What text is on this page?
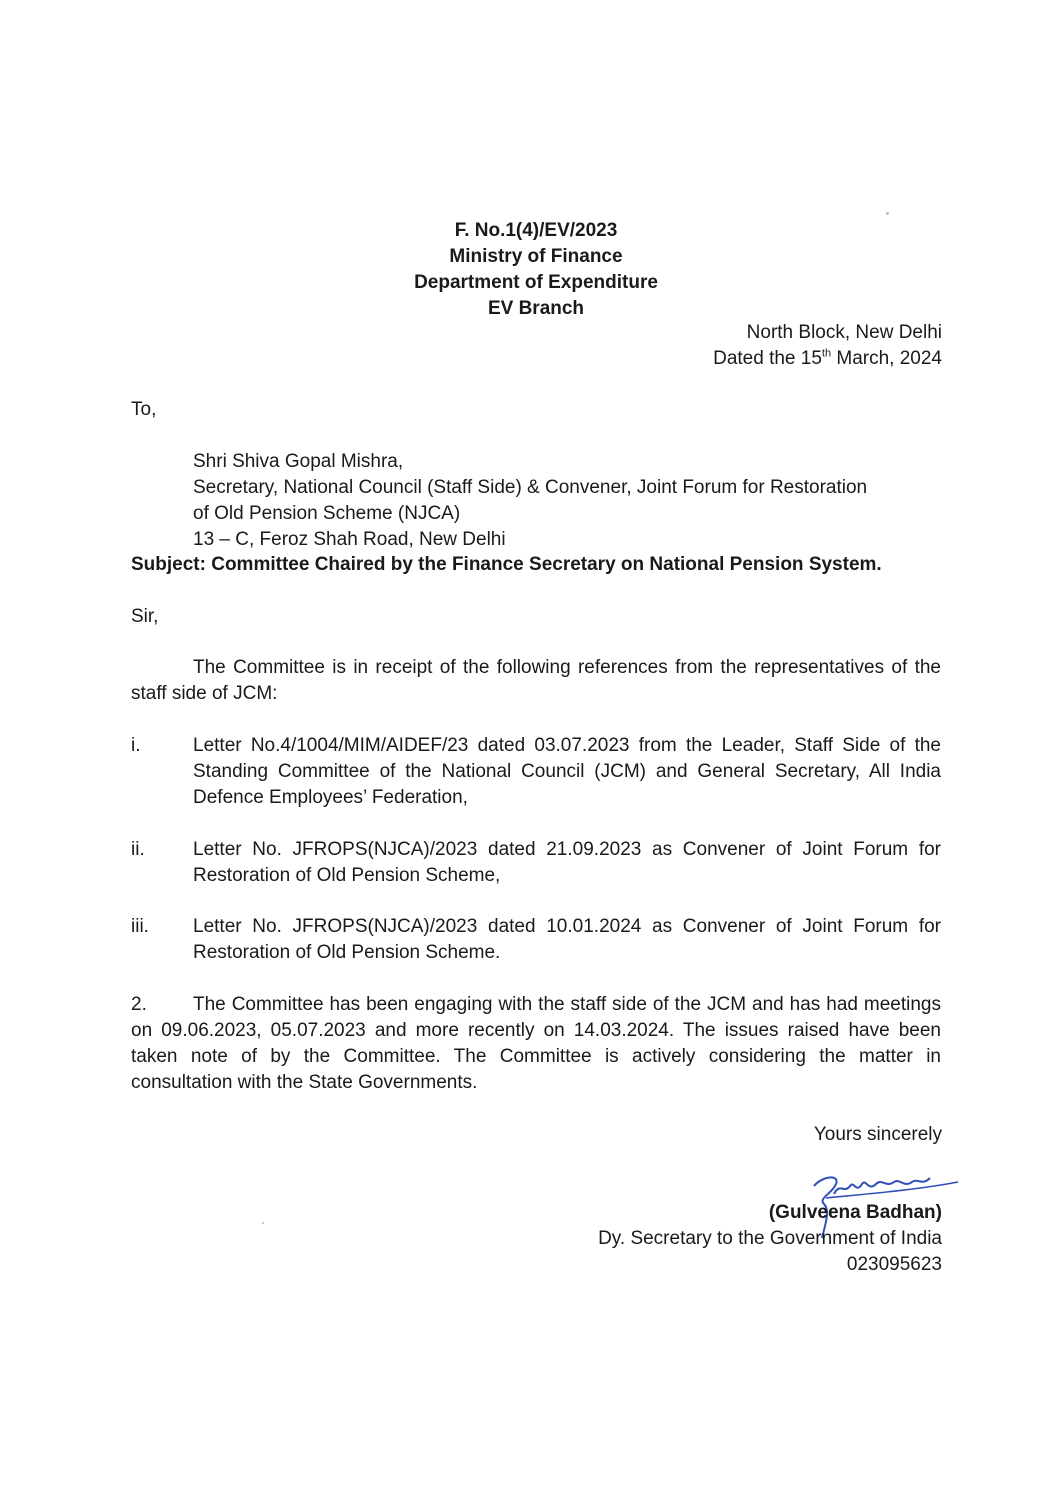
F. No.1(4)/EV/2023
Ministry of Finance
Department of Expenditure
EV Branch
North Block, New Delhi
Dated the 15th March, 2024
To,
Shri Shiva Gopal Mishra,
Secretary, National Council (Staff Side) & Convener, Joint Forum for Restoration
of Old Pension Scheme (NJCA)
13 – C, Feroz Shah Road, New Delhi
Subject: Committee Chaired by the Finance Secretary on National Pension System.
Sir,
The Committee is in receipt of the following references from the representatives of the staff side of JCM:
i.	Letter No.4/1004/MIM/AIDEF/23 dated 03.07.2023 from the Leader, Staff Side of the Standing Committee of the National Council (JCM) and General Secretary, All India Defence Employees’ Federation,
ii.	Letter No. JFROPS(NJCA)/2023 dated 21.09.2023 as Convener of Joint Forum for Restoration of Old Pension Scheme,
iii.	Letter No. JFROPS(NJCA)/2023 dated 10.01.2024 as Convener of Joint Forum for Restoration of Old Pension Scheme.
2. The Committee has been engaging with the staff side of the JCM and has had meetings on 09.06.2023, 05.07.2023 and more recently on 14.03.2024. The issues raised have been taken note of by the Committee. The Committee is actively considering the matter in consultation with the State Governments.
Yours sincerely
(Gulveena Badhan)
Dy. Secretary to the Government of India
023095623
